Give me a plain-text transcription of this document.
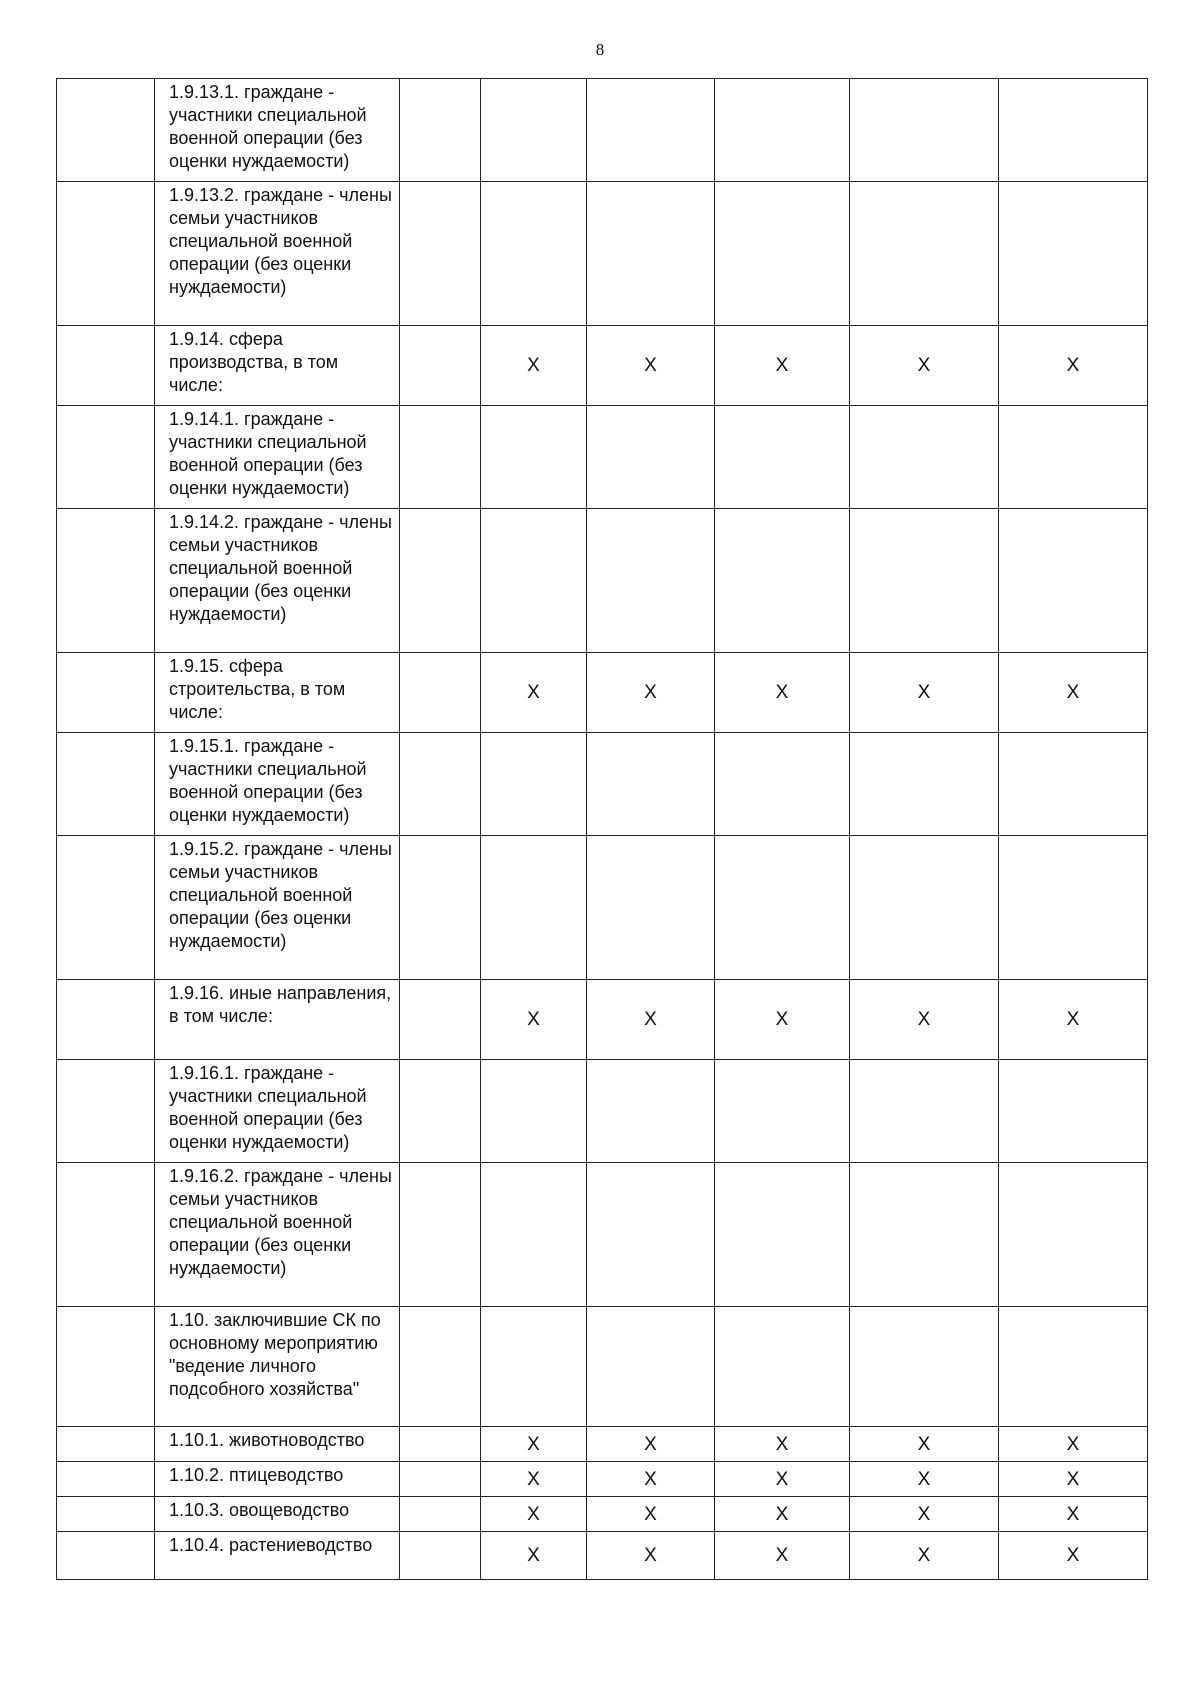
8
	1.9.13.1. граждане - участники специальной военной операции (без оценки нуждаемости)						
	1.9.13.2. граждане - члены семьи участников специальной военной операции (без оценки нуждаемости)						
	1.9.14. сфера производства, в том числе:		X	X	X	X	X
	1.9.14.1. граждане - участники специальной военной операции (без оценки нуждаемости)						
	1.9.14.2. граждане - члены семьи участников специальной военной операции (без оценки нуждаемости)						
	1.9.15. сфера строительства, в том числе:		X	X	X	X	X
	1.9.15.1. граждане - участники специальной военной операции (без оценки нуждаемости)						
	1.9.15.2. граждане - члены семьи участников специальной военной операции (без оценки нуждаемости)						
	1.9.16. иные направления, в том числе:		X	X	X	X	X
	1.9.16.1. граждане - участники специальной военной операции (без оценки нуждаемости)						
	1.9.16.2. граждане - члены семьи участников специальной военной операции (без оценки нуждаемости)						
	1.10. заключившие СК по основному мероприятию "ведение личного подсобного хозяйства"						
	1.10.1. животноводство		X	X	X	X	X
	1.10.2. птицеводство		X	X	X	X	X
	1.10.3. овощеводство		X	X	X	X	X
	1.10.4. растениеводство		X	X	X	X	X
